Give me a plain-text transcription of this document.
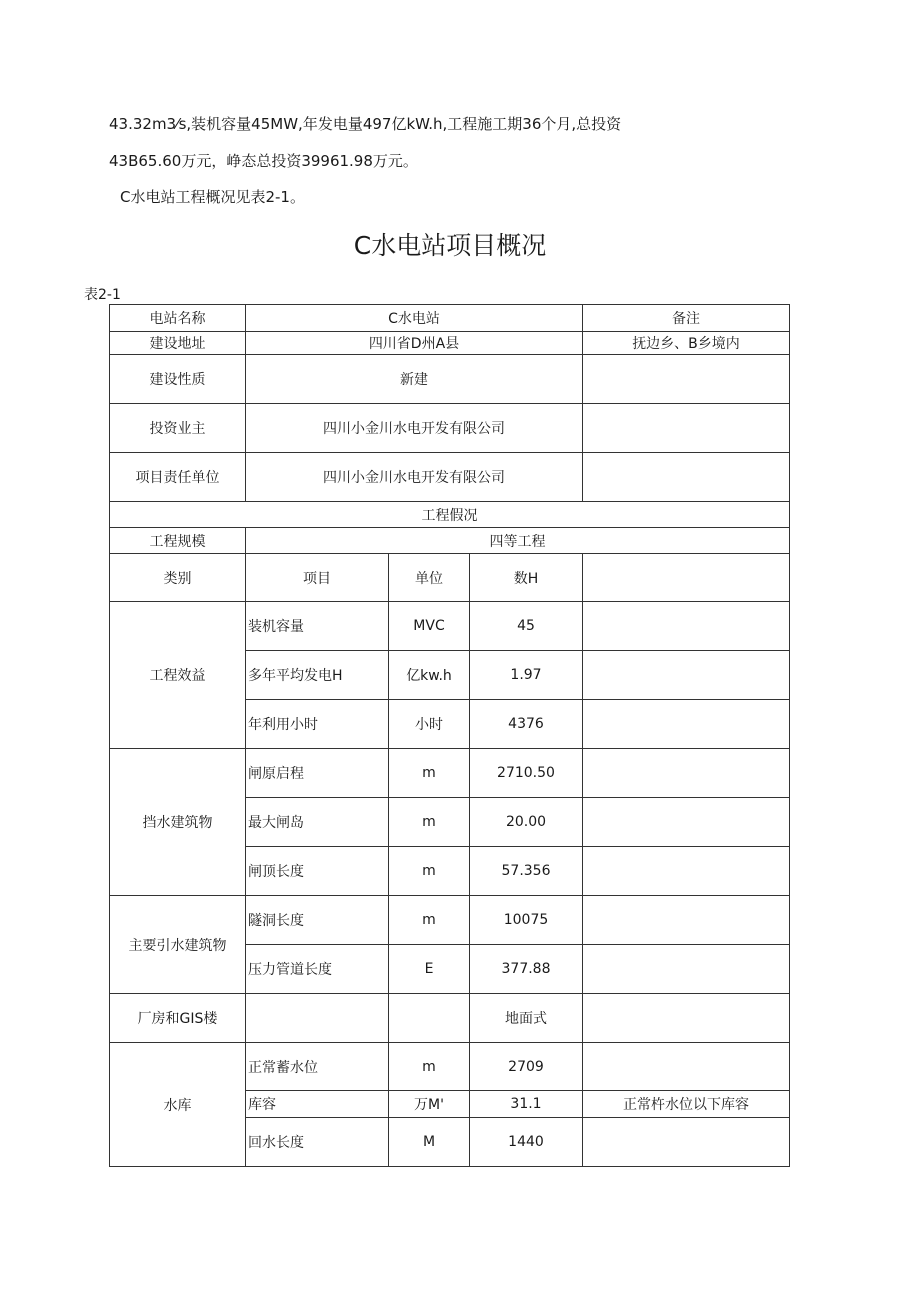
43.32m3⁄s,装机容量45MW,年发电量497亿kW.h,工程施工期36个月,总投资
43B65.60万元，峥态总投资39961.98万元。
C水电站工程概况见表2-1。
C水电站项目概况
表2-1
电站名称	C水电站			备注
建设地址	四川省D州A县			抚边乡、B乡境内
建设性质	新建			
投资业主	四川小金川水电开发有限公司			
项目责任单位	四川小金川水电开发有限公司			
工程假况				
工程规模	四等工程			
类别	项目	单位	数H	
工程效益	装机容量	MVC	45	
	多年平均发电H	亿kw.h	1.97	
	年利用小时	小时	4376	
挡水建筑物	闸原启程	m	2710.50	
	最大闸岛	m	20.00	
	闸顶长度	m	57.356	
主要引水建筑物	隧洞长度	m	10075	
	压力管道长度	E	377.88	
厂房和GIS楼			地面式	
水库	正常蓄水位	m	2709	
	库容	万M'	31.1	正常杵水位以下库容
	回水长度	M	1440	
